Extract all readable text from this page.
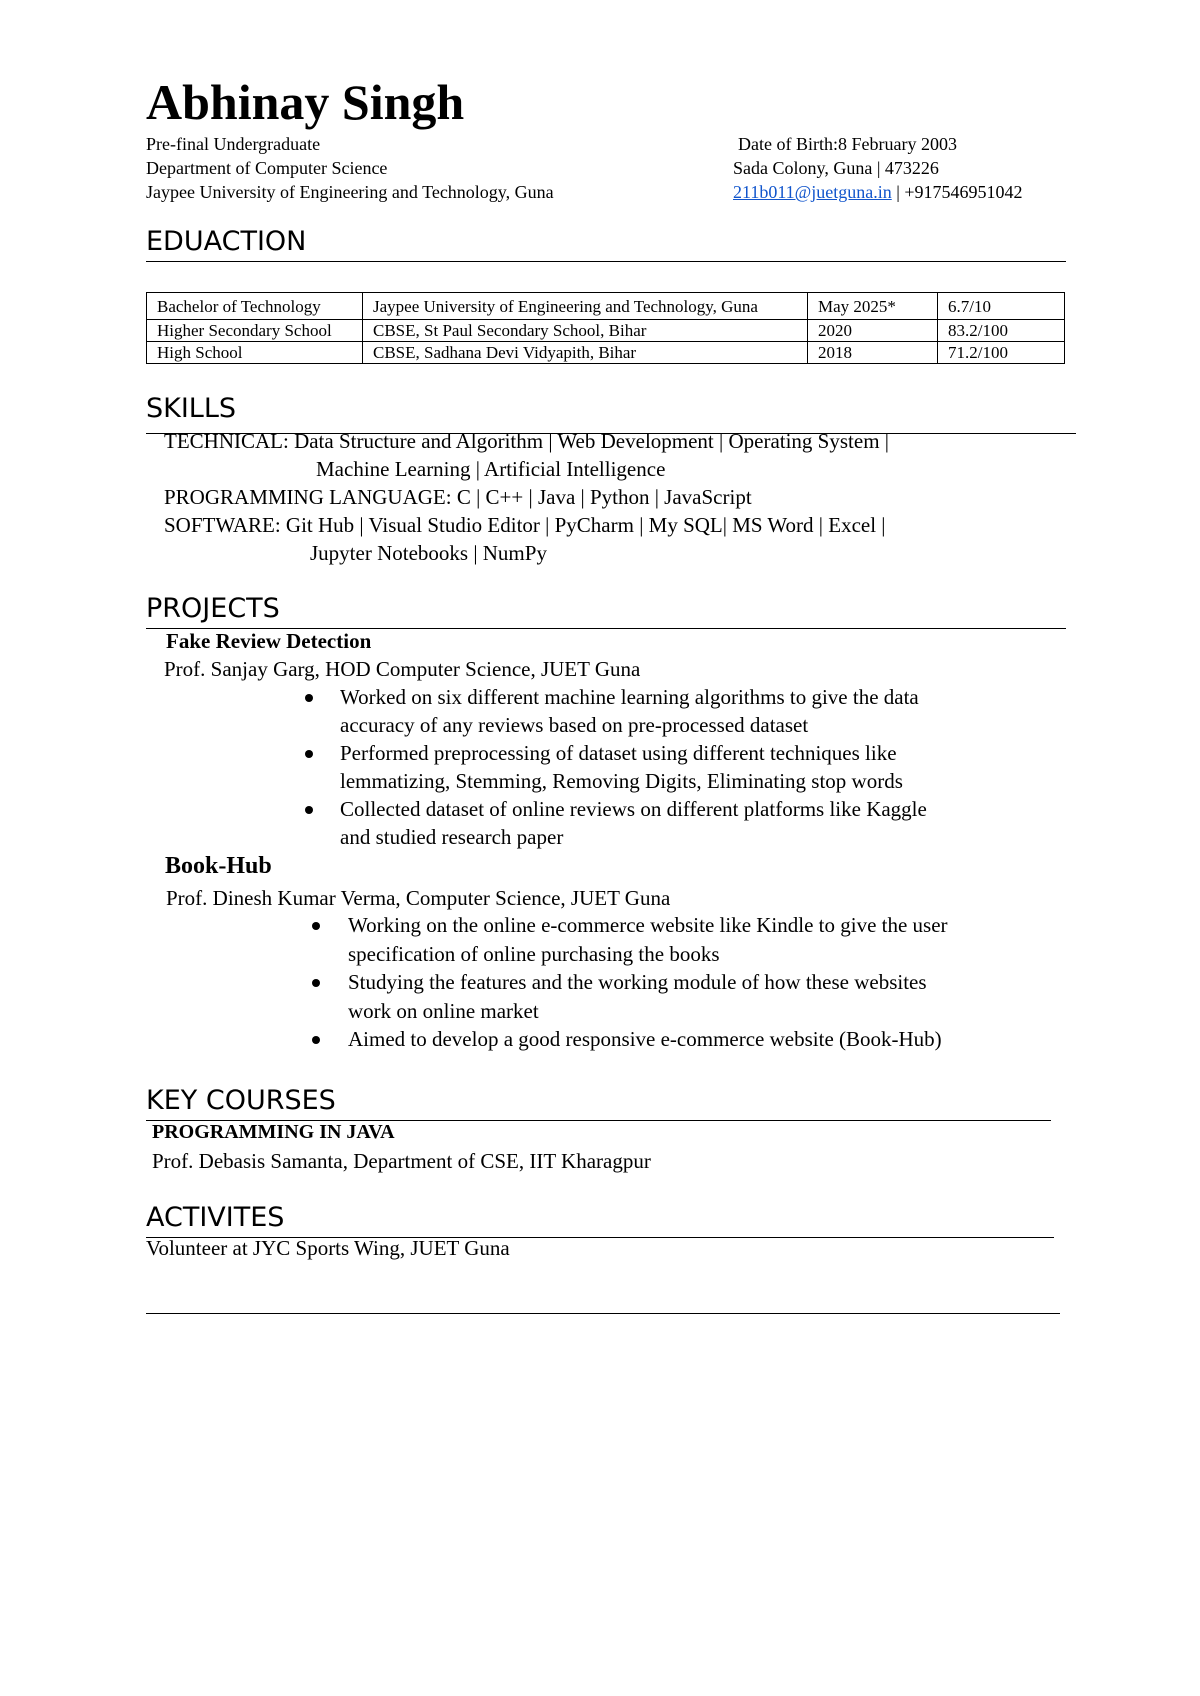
Abhinay Singh
Pre-final Undergraduate
Department of Computer Science
Jaypee University of Engineering and Technology, Guna
Date of Birth:8 February 2003
Sada Colony, Guna | 473226
211b011@juetguna.in | +917546951042
EDUACTION
Bachelor of Technology	Jaypee University of Engineering and Technology, Guna	May 2025*	6.7/10
Higher Secondary School	CBSE, St Paul Secondary School, Bihar	2020	83.2/100
High School	CBSE, Sadhana Devi Vidyapith, Bihar	2018	71.2/100
SKILLS
TECHNICAL: Data Structure and Algorithm | Web Development | Operating System |
Machine Learning | Artificial Intelligence
PROGRAMMING LANGUAGE: C | C++ | Java | Python | JavaScript
SOFTWARE: Git Hub | Visual Studio Editor | PyCharm | My SQL| MS Word | Excel |
Jupyter Notebooks | NumPy
PROJECTS
Fake Review Detection
Prof. Sanjay Garg, HOD Computer Science, JUET Guna
Worked on six different machine learning algorithms to give the data
accuracy of any reviews based on pre-processed dataset
Performed preprocessing of dataset using different techniques like
lemmatizing, Stemming, Removing Digits, Eliminating stop words
Collected dataset of online reviews on different platforms like Kaggle
and studied research paper
Book-Hub
Prof. Dinesh Kumar Verma, Computer Science, JUET Guna
Working on the online e-commerce website like Kindle to give the user
specification of online purchasing the books
Studying the features and the working module of how these websites
work on online market
Aimed to develop a good responsive e-commerce website (Book-Hub)
KEY COURSES
PROGRAMMING IN JAVA
Prof. Debasis Samanta, Department of CSE, IIT Kharagpur
ACTIVITES
Volunteer at JYC Sports Wing, JUET Guna
